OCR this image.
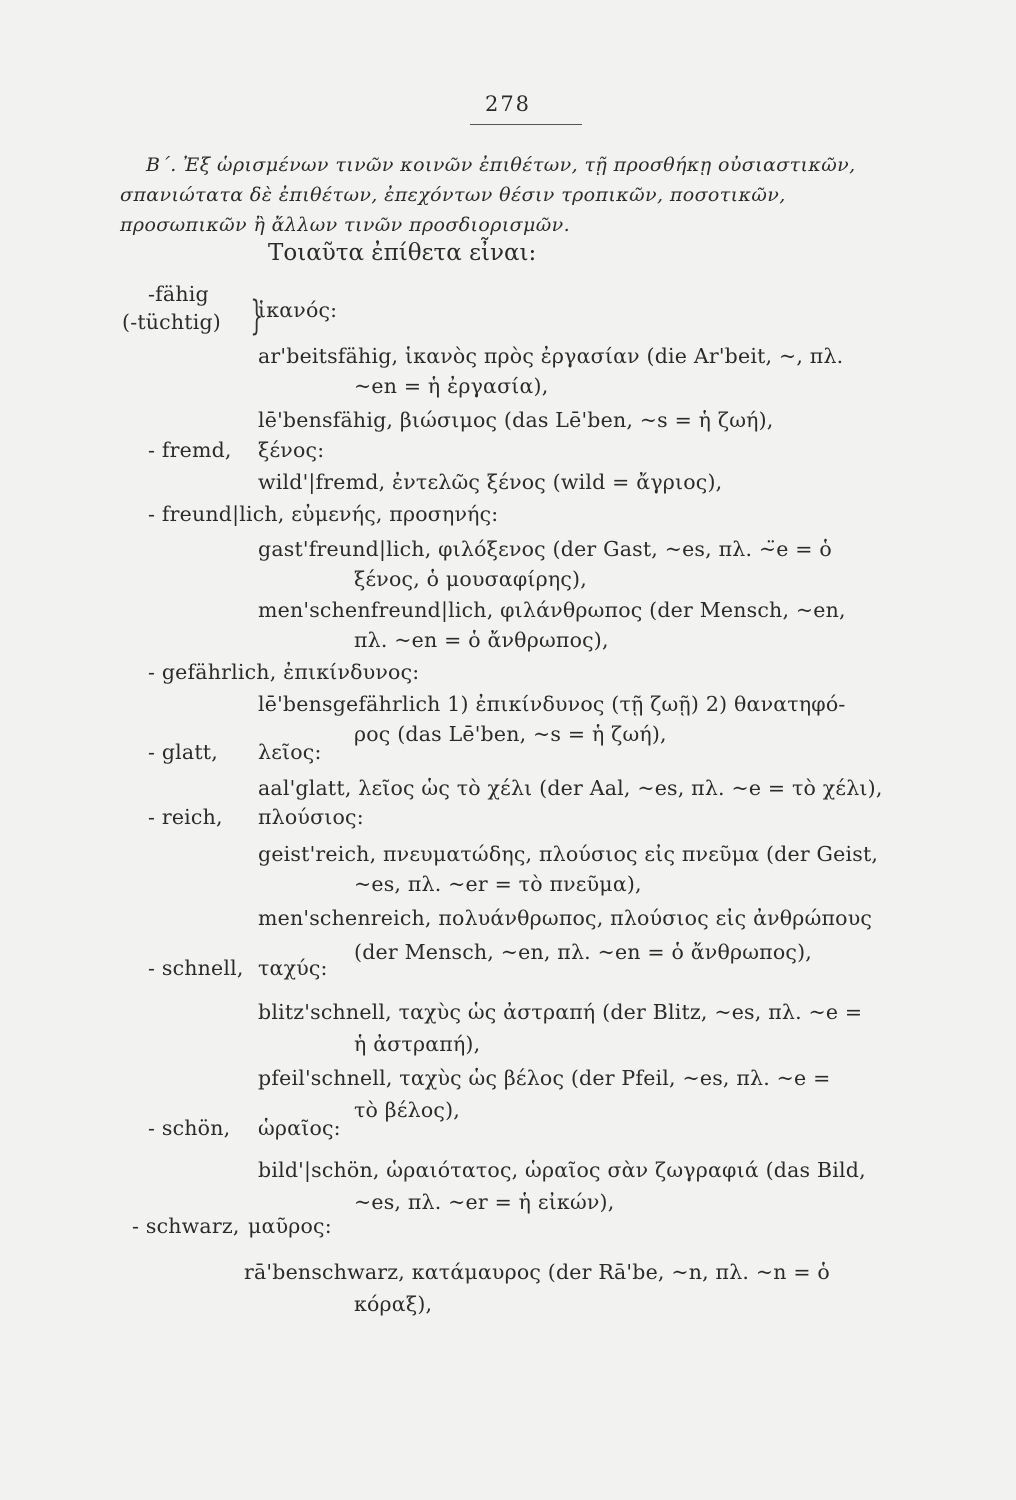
278

Β΄. Ἐξ ὡρισμένων τινῶν κοινῶν ἐπιθέτων, τῇ προσθήκῃ οὐσιαστικῶν, σπανιώτατα δὲ ἐπιθέτων, ἐπεχόντων θέσιν τροπικῶν, ποσοτικῶν, προσωπικῶν ἢ ἄλλων τινῶν προσδιορισμῶν.

Τοιαῦτα ἐπίθετα εἶναι:
-fähig
(-tüchtig) }
ἱκανός:
ar'beitsfähig, ἱκανὸς πρὸς ἐργασίαν (die Ar'beit, ~, πλ.
~en = ἡ ἐργασία),
lē'bensfähig, βιώσιμος (das Lē'ben, ~s = ἡ ζωή),
- fremd, ξένος:
wild'|fremd, ἐντελῶς ξένος (wild = ἄγριος),
- freund|lich, εὐμενής, προσηνής:
gast'freund|lich, φιλόξενος (der Gast, ~es, πλ. ~̈e = ὁ
ξένος, ὁ μουσαφίρης),
men'schenfreund|lich, φιλάνθρωπος (der Mensch, ~en,
πλ. ~en = ὁ ἄνθρωπος),
- gefährlich, ἐπικίνδυνος:
lē'bensgefährlich 1) ἐπικίνδυνος (τῇ ζωῇ) 2) θανατηφό-
ρος (das Lē'ben, ~s = ἡ ζωή),
- glatt, λεῖος:
aal'glatt, λεῖος ὡς τὸ χέλι (der Aal, ~es, πλ. ~e = τὸ χέλι),
- reich, πλούσιος:
geist'reich, πνευματώδης, πλούσιος εἰς πνεῦμα (der Geist,
~es, πλ. ~er = τὸ πνεῦμα),
men'schenreich, πολυάνθρωπος, πλούσιος εἰς ἀνθρώπους
(der Mensch, ~en, πλ. ~en = ὁ ἄνθρωπος),
- schnell, ταχύς:
blitz'schnell, ταχὺς ὡς ἀστραπή (der Blitz, ~es, πλ. ~e =
ἡ ἀστραπή),
pfeil'schnell, ταχὺς ὡς βέλος (der Pfeil, ~es, πλ. ~e =
τὸ βέλος),
- schön, ὡραῖος:
bild'|schön, ὡραιότατος, ὡραῖος σὰν ζωγραφιά (das Bild,
~es, πλ. ~er = ἡ εἰκών),
- schwarz, μαῦρος:
rā'benschwarz, κατάμαυρος (der Rā'be, ~n, πλ. ~n = ὁ
κόραξ),
